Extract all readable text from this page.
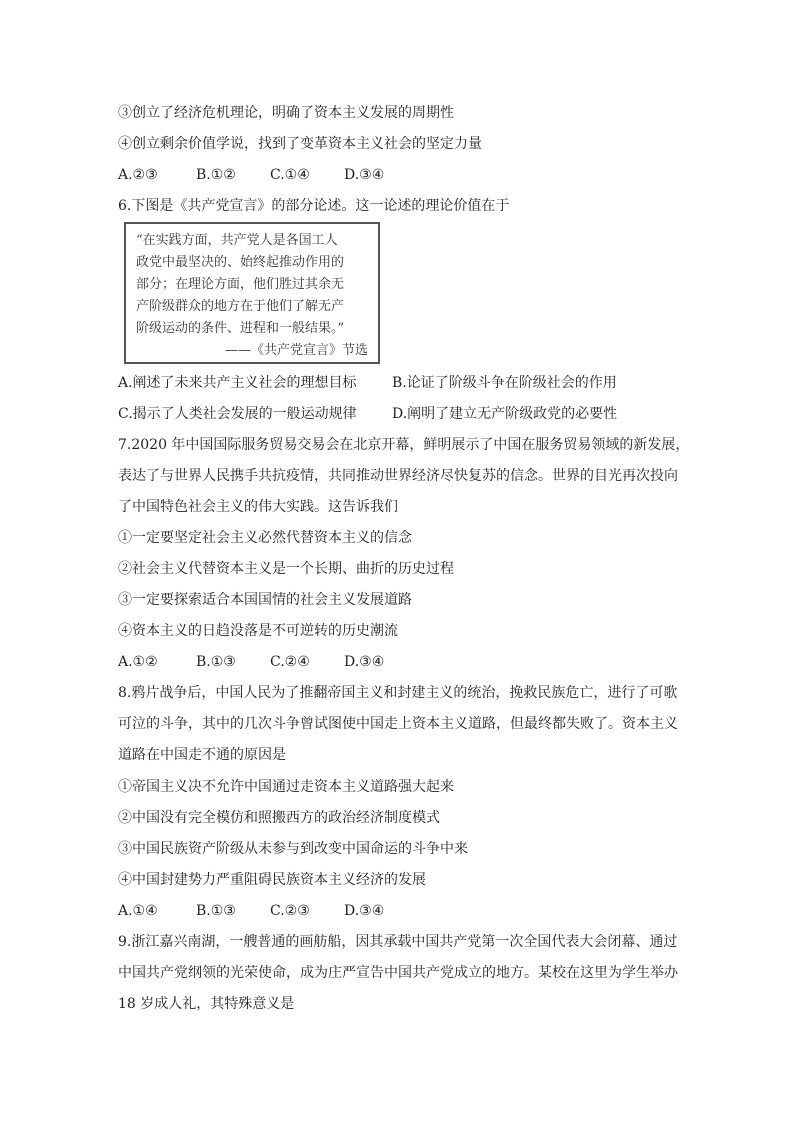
③创立了经济危机理论，明确了资本主义发展的周期性
④创立剩余价值学说，找到了变革资本主义社会的坚定力量
A.②③	B.①② C.①④ D.③④
6.下图是《共产党宣言》的部分论述。这一论述的理论价值在于
“在实践方面，共产党人是各国工人
政党中最坚决的、始终起推动作用的
部分；在理论方面，他们胜过其余无
产阶级群众的地方在于他们了解无产
阶级运动的条件、进程和一般结果。”
——《共产党宣言》节选
A.阐述了未来共产主义社会的理想目标	B.论证了阶级斗争在阶级社会的作用
C.揭示了人类社会发展的一般运动规律	D.阐明了建立无产阶级政党的必要性
7.2020 年中国国际服务贸易交易会在北京开幕，鲜明展示了中国在服务贸易领域的新发展，
表达了与世界人民携手共抗疫情，共同推动世界经济尽快复苏的信念。世界的目光再次投向
了中国特色社会主义的伟大实践。这告诉我们
①一定要坚定社会主义必然代替资本主义的信念
②社会主义代替资本主义是一个长期、曲折的历史过程
③一定要探索适合本国国情的社会主义发展道路
④资本主义的日趋没落是不可逆转的历史潮流
A.①②	B.①③ C.②④ D.③④
8.鸦片战争后，中国人民为了推翻帝国主义和封建主义的统治，挽救民族危亡，进行了可歌
可泣的斗争，其中的几次斗争曾试图使中国走上资本主义道路，但最终都失败了。资本主义
道路在中国走不通的原因是
①帝国主义决不允许中国通过走资本主义道路强大起来
②中国没有完全模仿和照搬西方的政治经济制度模式
③中国民族资产阶级从未参与到改变中国命运的斗争中来
④中国封建势力严重阻碍民族资本主义经济的发展
A.①④	B.①③ C.②③ D.③④
9.浙江嘉兴南湖，一艘普通的画舫船，因其承载中国共产党第一次全国代表大会闭幕、通过
中国共产党纲领的光荣使命，成为庄严宣告中国共产党成立的地方。某校在这里为学生举办
18 岁成人礼，其特殊意义是
